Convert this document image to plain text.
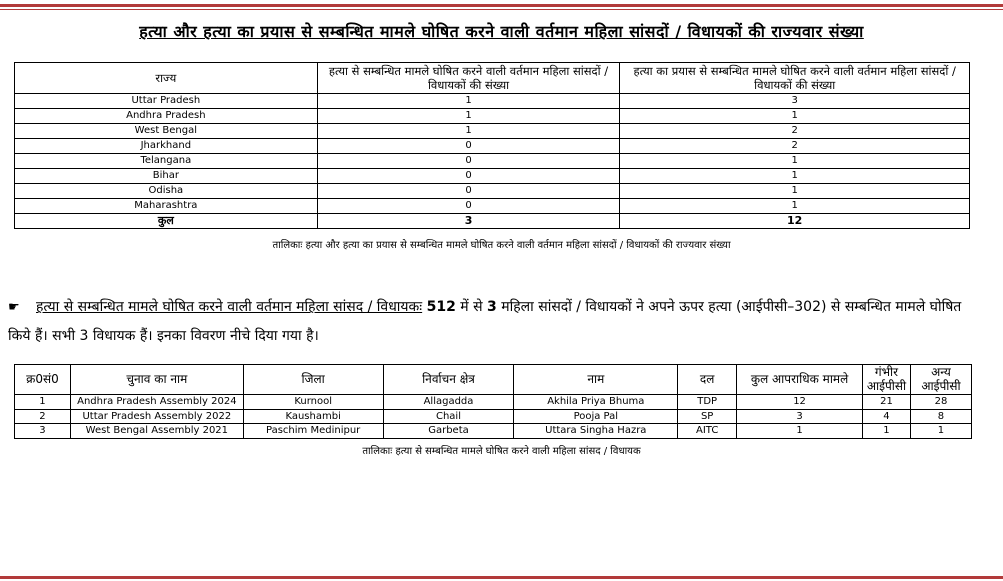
हत्या और हत्या का प्रयास से सम्बन्धित मामले घोषित करने वाली वर्तमान महिला सांसदों / विधायकों की राज्यवार संख्या
राज्य	हत्या से सम्बन्धित मामले घोषित करने वाली वर्तमान महिला सांसदों / विधायकों की संख्या	हत्या का प्रयास से सम्बन्धित मामले घोषित करने वाली वर्तमान महिला सांसदों / विधायकों की संख्या
Uttar Pradesh	1	3
Andhra Pradesh	1	1
West Bengal	1	2
Jharkhand	0	2
Telangana	0	1
Bihar	0	1
Odisha	0	1
Maharashtra	0	1
कुल	3	12
तालिकाः हत्या और हत्या का प्रयास से सम्बन्धित मामले घोषित करने वाली वर्तमान महिला सांसदों / विधायकों की राज्यवार संख्या
☛ हत्या से सम्बन्धित मामले घोषित करने वाली वर्तमान महिला सांसद / विधायकः 512 में से 3 महिला सांसदों / विधायकों ने अपने ऊपर हत्या (आईपीसी–302) से सम्बन्धित मामले घोषित किये हैं। सभी 3 विधायक हैं। इनका विवरण नीचे दिया गया है।
क्र0सं0	चुनाव का नाम	जिला	निर्वाचन क्षेत्र	नाम	दल	कुल आपराधिक मामले	गंभीर आईपीसी	अन्य आईपीसी
1	Andhra Pradesh Assembly 2024	Kurnool	Allagadda	Akhila Priya Bhuma	TDP	12	21	28
2	Uttar Pradesh Assembly 2022	Kaushambi	Chail	Pooja Pal	SP	3	4	8
3	West Bengal Assembly 2021	Paschim Medinipur	Garbeta	Uttara Singha Hazra	AITC	1	1	1
तालिकाः हत्या से सम्बन्धित मामले घोषित करने वाली महिला सांसद / विधायक
